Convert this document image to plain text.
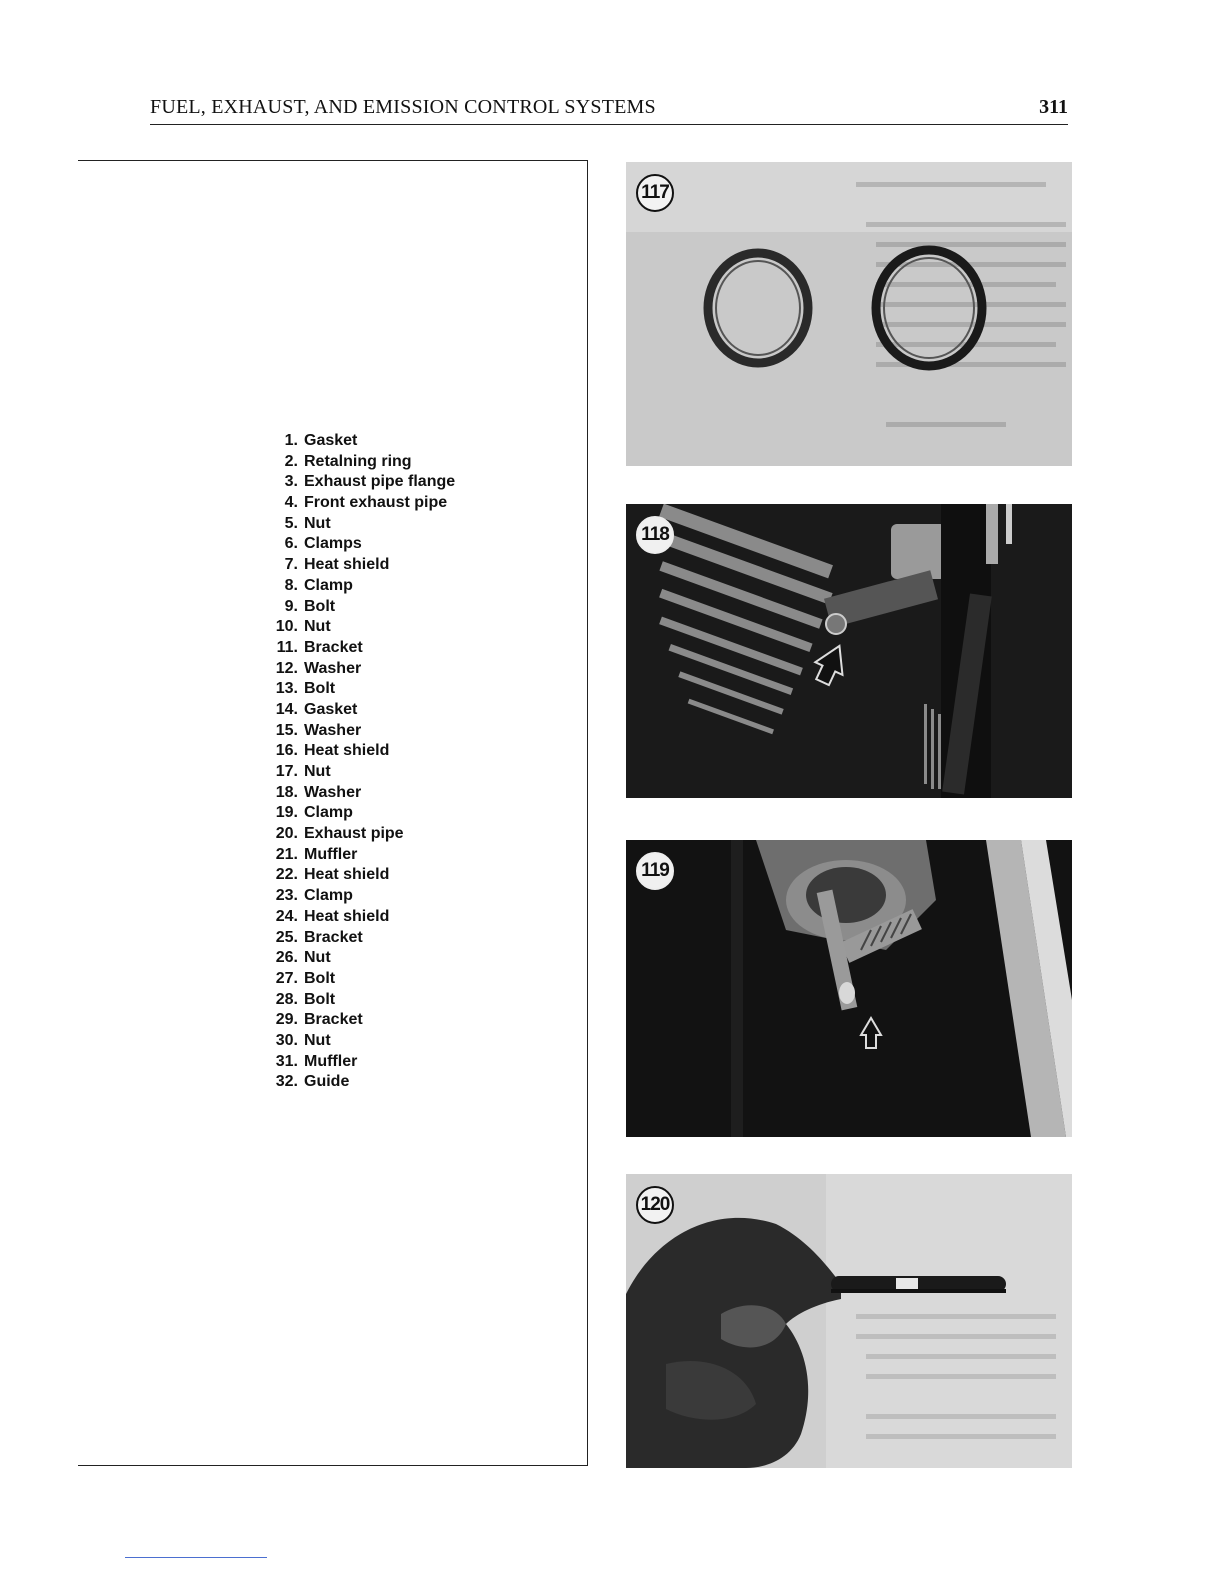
FUEL, EXHAUST, AND EMISSION CONTROL SYSTEMS	311
1. Gasket
2. Retalning ring
3. Exhaust pipe flange
4. Front exhaust pipe
5. Nut
6. Clamps
7. Heat shield
8. Clamp
9. Bolt
10. Nut
11. Bracket
12. Washer
13. Bolt
14. Gasket
15. Washer
16. Heat shield
17. Nut
18. Washer
19. Clamp
20. Exhaust pipe
21. Muffler
22. Heat shield
23. Clamp
24. Heat shield
25. Bracket
26. Nut
27. Bolt
28. Bolt
29. Bracket
30. Nut
31. Muffler
32. Guide
117
118
119
120
